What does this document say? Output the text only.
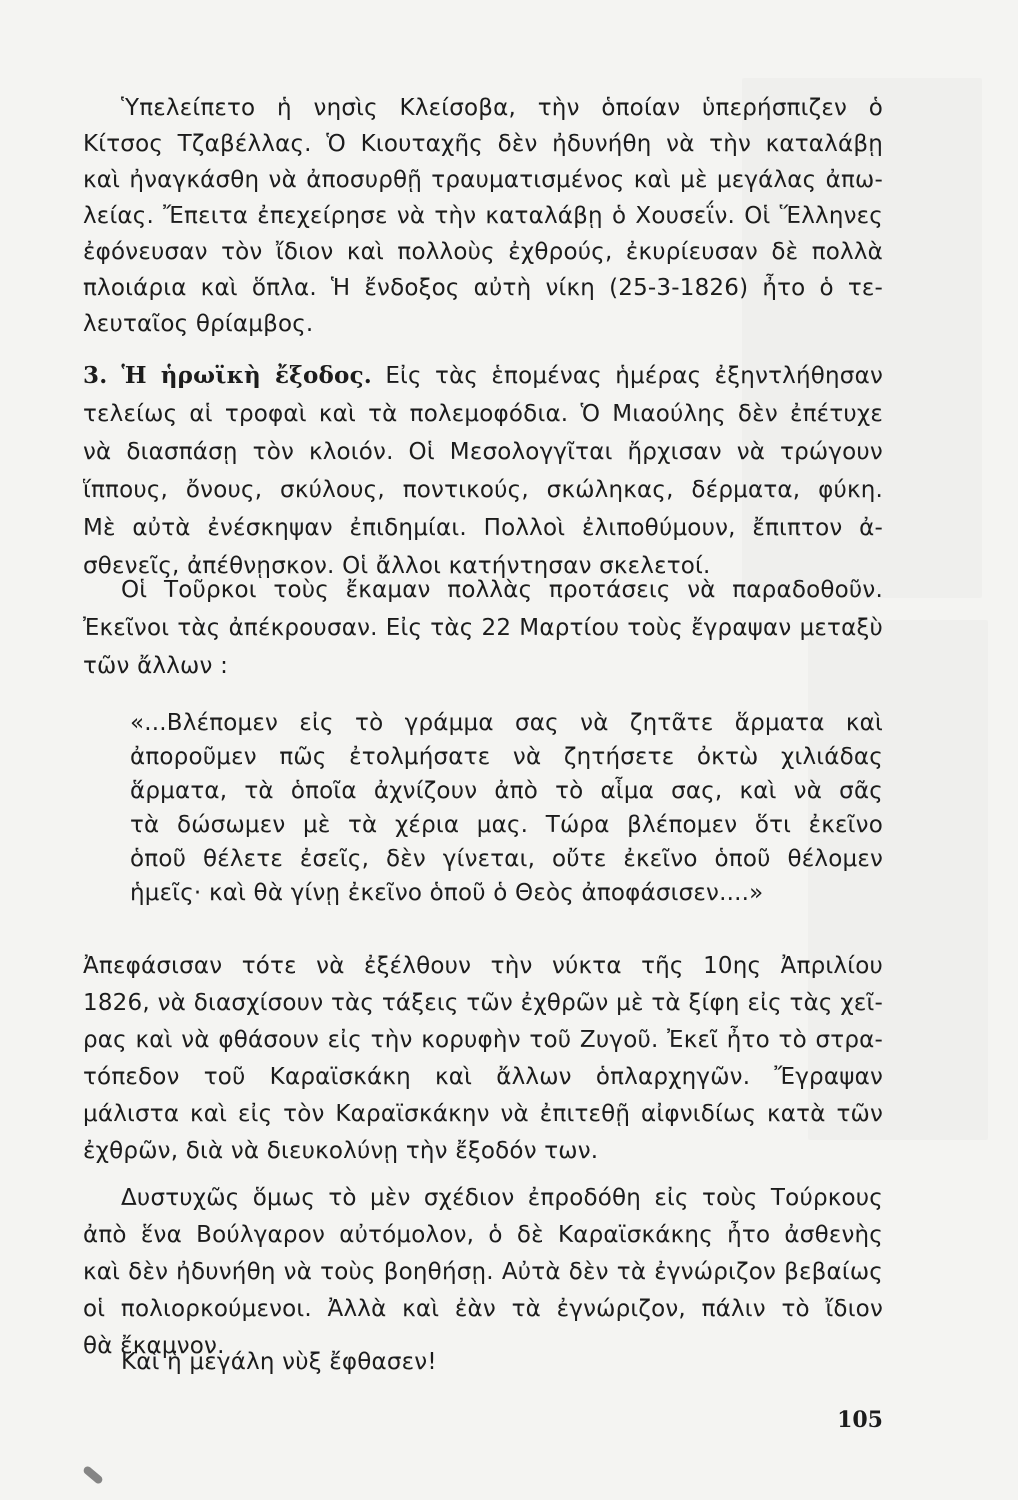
Ὑπελείπετο ἡ νησὶς Κλείσοβα, τὴν ὁποίαν ὑπερήσπιζεν ὁ
Κίτσος Τζαβέλλας. Ὁ Κιουταχῆς δὲν ἠδυνήθη νὰ τὴν καταλάβῃ
καὶ ἠναγκάσθη νὰ ἀποσυρθῇ τραυματισμένος καὶ μὲ μεγάλας ἀπω-
λείας. Ἔπειτα ἐπεχείρησε νὰ τὴν καταλάβῃ ὁ Χουσεΐν. Οἱ Ἕλληνες
ἐφόνευσαν τὸν ἴδιον καὶ πολλοὺς ἐχθρούς, ἐκυρίευσαν δὲ πολλὰ
πλοιάρια καὶ ὅπλα. Ἡ ἔνδοξος αὐτὴ νίκη (25-3-1826) ἦτο ὁ τε-
λευταῖος θρίαμβος.
3. Ἡ ἡρωϊκὴ ἔξοδος. Εἰς τὰς ἑπομένας ἡμέρας ἐξηντλήθησαν
τελείως αἱ τροφαὶ καὶ τὰ πολεμοφόδια. Ὁ Μιαούλης δὲν ἐπέτυχε
νὰ διασπάσῃ τὸν κλοιόν. Οἱ Μεσολογγῖται ἤρχισαν νὰ τρώγουν
ἵππους, ὄνους, σκύλους, ποντικούς, σκώληκας, δέρματα, φύκη.
Μὲ αὐτὰ ἐνέσκηψαν ἐπιδημίαι. Πολλοὶ ἐλιποθύμουν, ἔπιπτον ἀ-
σθενεῖς, ἀπέθνῃσκον. Οἱ ἄλλοι κατήντησαν σκελετοί.
Οἱ Τοῦρκοι τοὺς ἔκαμαν πολλὰς προτάσεις νὰ παραδοθοῦν.
Ἐκεῖνοι τὰς ἀπέκρουσαν. Εἰς τὰς 22 Μαρτίου τοὺς ἔγραψαν μεταξὺ
τῶν ἄλλων :
«...Βλέπομεν εἰς τὸ γράμμα σας νὰ ζητᾶτε ἅρματα καὶ
ἀποροῦμεν πῶς ἐτολμήσατε νὰ ζητήσετε ὀκτὼ χιλιάδας
ἅρματα, τὰ ὁποῖα ἀχνίζουν ἀπὸ τὸ αἷμα σας, καὶ νὰ σᾶς
τὰ δώσωμεν μὲ τὰ χέρια μας. Τώρα βλέπομεν ὅτι ἐκεῖνο
ὁποῦ θέλετε ἐσεῖς, δὲν γίνεται, οὔτε ἐκεῖνο ὁποῦ θέλομεν
ἡμεῖς· καὶ θὰ γίνῃ ἐκεῖνο ὁποῦ ὁ Θεὸς ἀποφάσισεν....»
Ἀπεφάσισαν τότε νὰ ἐξέλθουν τὴν νύκτα τῆς 10ης Ἀπριλίου
1826, νὰ διασχίσουν τὰς τάξεις τῶν ἐχθρῶν μὲ τὰ ξίφη εἰς τὰς χεῖ-
ρας καὶ νὰ φθάσουν εἰς τὴν κορυφὴν τοῦ Ζυγοῦ. Ἐκεῖ ἦτο τὸ στρα-
τόπεδον τοῦ Καραϊσκάκη καὶ ἄλλων ὁπλαρχηγῶν. Ἔγραψαν
μάλιστα καὶ εἰς τὸν Καραϊσκάκην νὰ ἐπιτεθῇ αἰφνιδίως κατὰ τῶν
ἐχθρῶν, διὰ νὰ διευκολύνῃ τὴν ἔξοδόν των.
Δυστυχῶς ὅμως τὸ μὲν σχέδιον ἐπροδόθη εἰς τοὺς Τούρκους
ἀπὸ ἕνα Βούλγαρον αὐτόμολον, ὁ δὲ Καραϊσκάκης ἦτο ἀσθενὴς
καὶ δὲν ἠδυνήθη νὰ τοὺς βοηθήσῃ. Αὐτὰ δὲν τὰ ἐγνώριζον βεβαίως
οἱ πολιορκούμενοι. Ἀλλὰ καὶ ἐὰν τὰ ἐγνώριζον, πάλιν τὸ ἴδιον
θὰ ἔκαμνον.
Καὶ ἡ μεγάλη νὺξ ἔφθασεν!
105
